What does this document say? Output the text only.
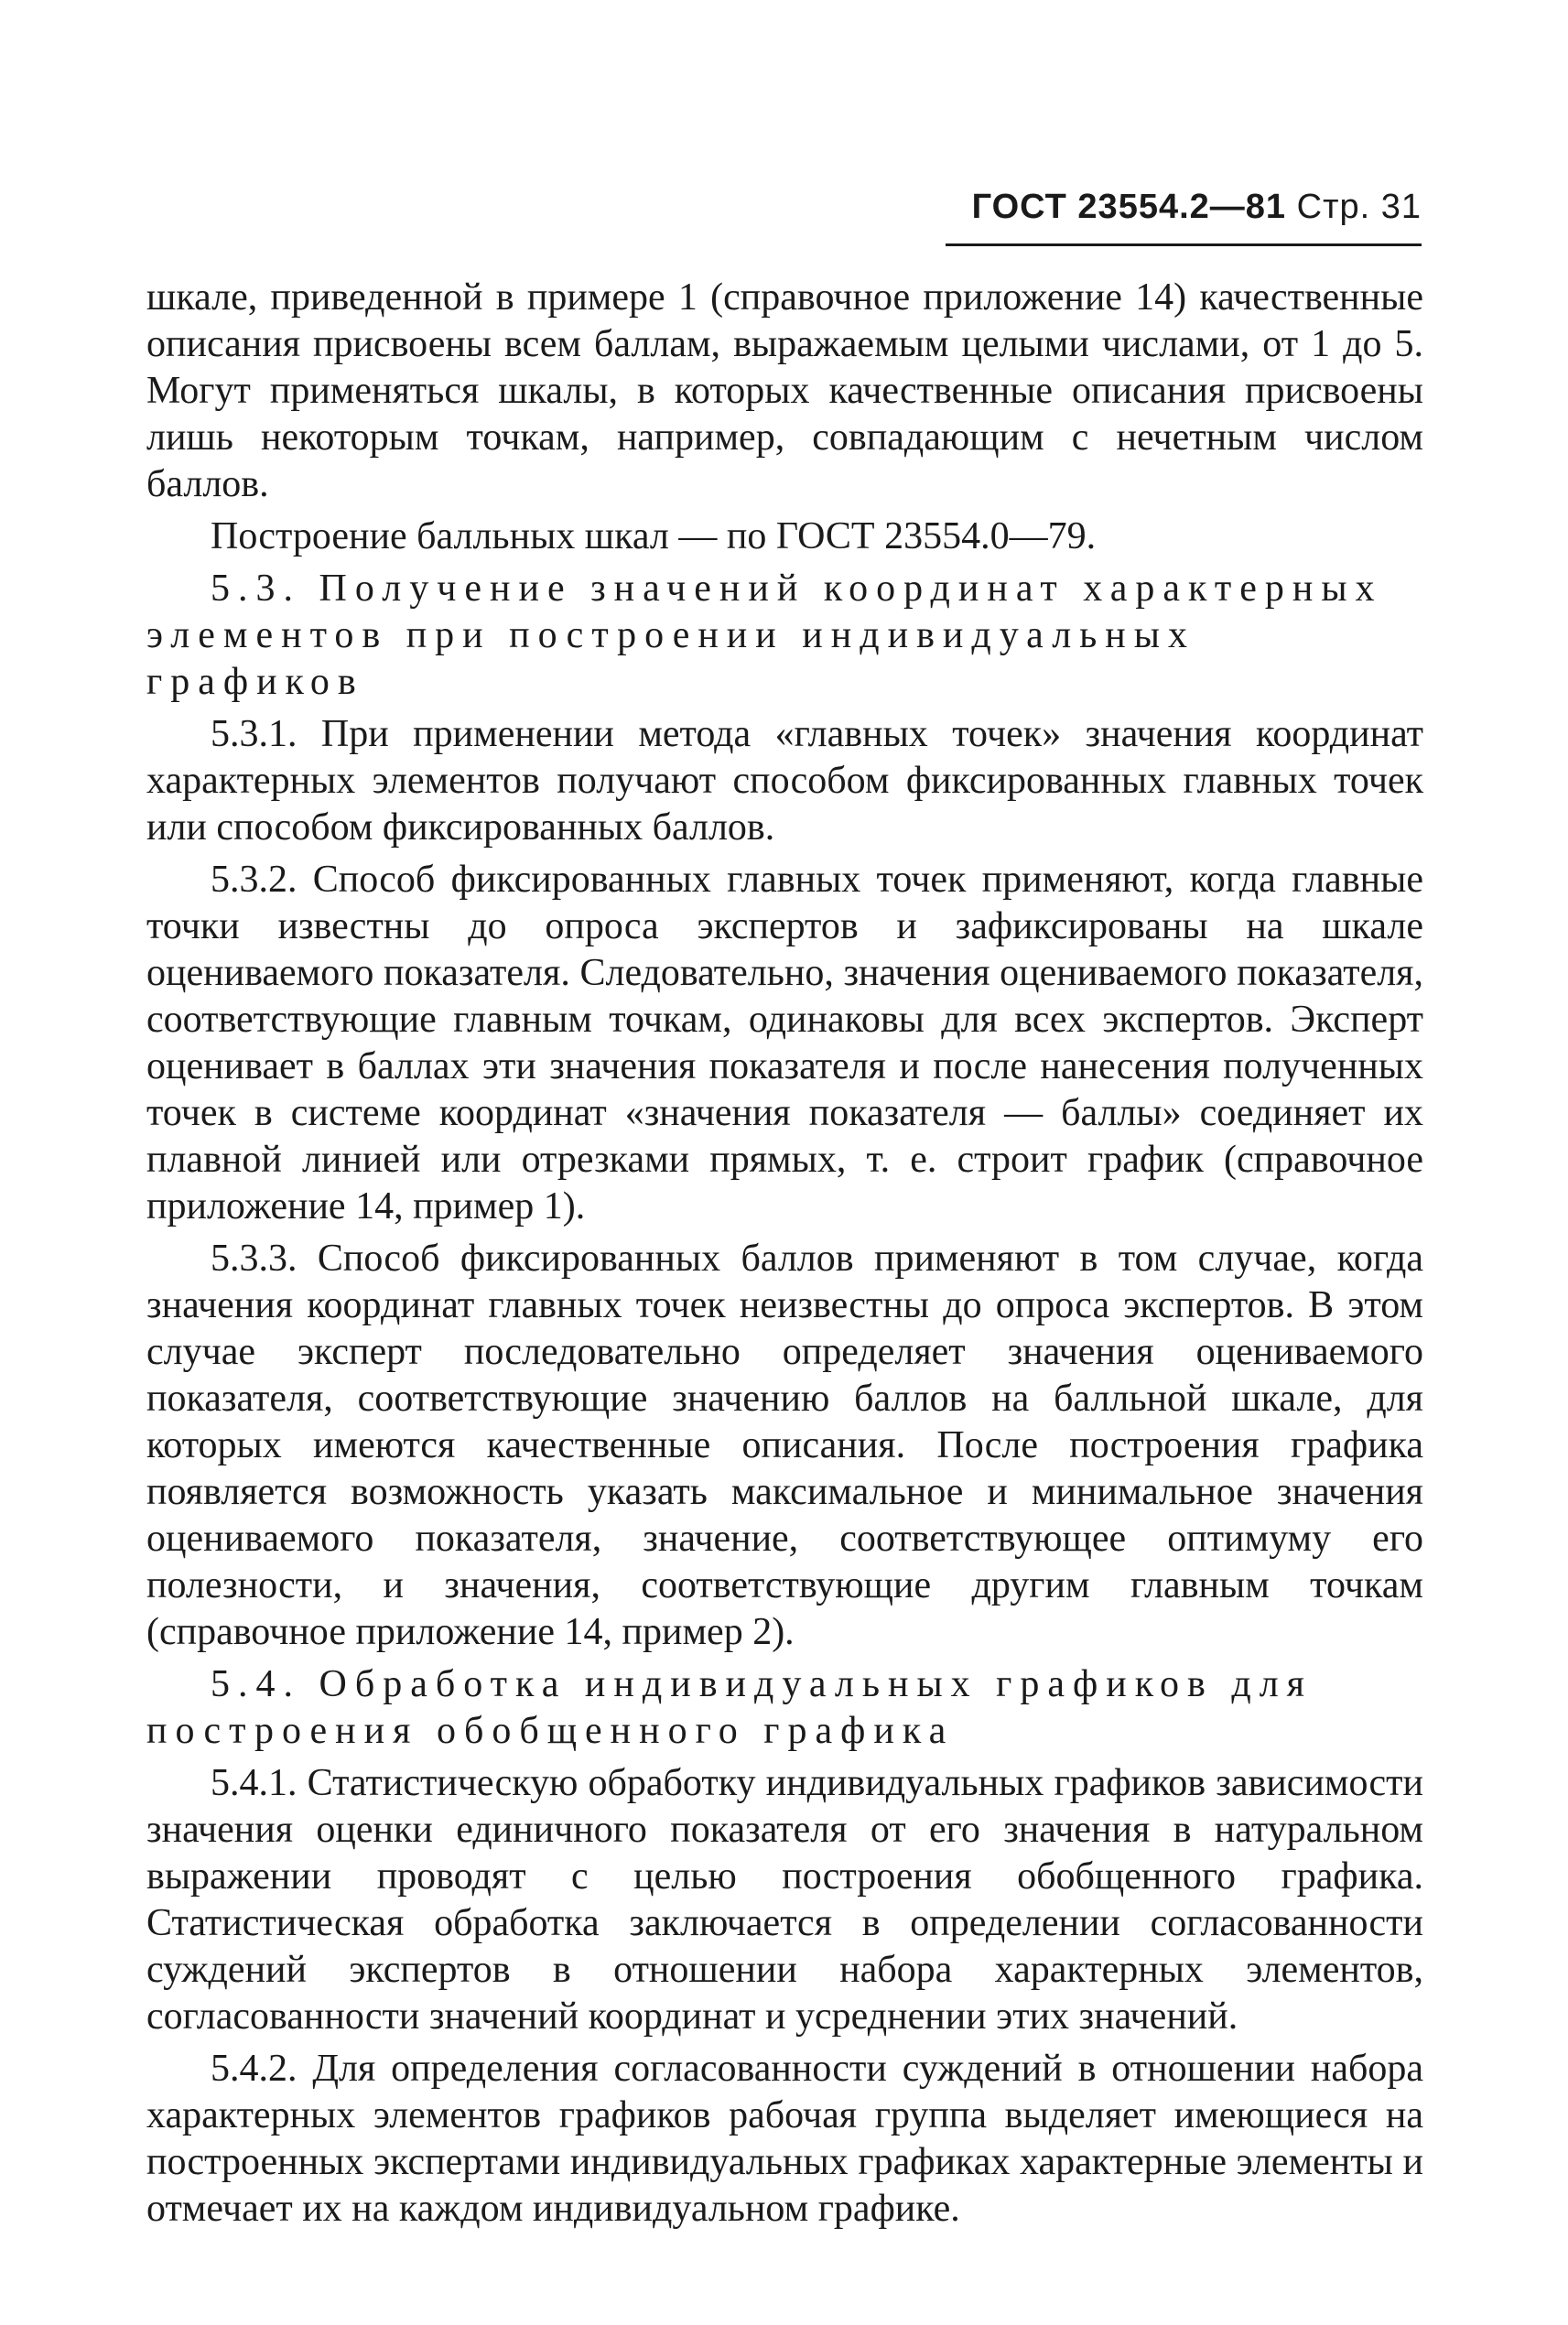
ГОСТ 23554.2—81 Стр. 31

шкале, приведенной в примере 1 (справочное приложение 14) качественные описания присвоены всем баллам, выражаемым целыми числами, от 1 до 5. Могут применяться шкалы, в которых качественные описания присвоены лишь некоторым точкам, например, совпадающим с нечетным числом баллов.

Построение балльных шкал — по ГОСТ 23554.0—79.

5.3. Получение значений координат характерных элементов при построении индивидуальных графиков

5.3.1. При применении метода «главных точек» значения координат характерных элементов получают способом фиксированных главных точек или способом фиксированных баллов.

5.3.2. Способ фиксированных главных точек применяют, когда главные точки известны до опроса экспертов и зафиксированы на шкале оцениваемого показателя. Следовательно, значения оцениваемого показателя, соответствующие главным точкам, одинаковы для всех экспертов. Эксперт оценивает в баллах эти значения показателя и после нанесения полученных точек в системе координат «значения показателя — баллы» соединяет их плавной линией или отрезками прямых, т. е. строит график (справочное приложение 14, пример 1).

5.3.3. Способ фиксированных баллов применяют в том случае, когда значения координат главных точек неизвестны до опроса экспертов. В этом случае эксперт последовательно определяет значения оцениваемого показателя, соответствующие значению баллов на балльной шкале, для которых имеются качественные описания. После построения графика появляется возможность указать максимальное и минимальное значения оцениваемого показателя, значение, соответствующее оптимуму его полезности, и значения, соответствующие другим главным точкам (справочное приложение 14, пример 2).

5.4. Обработка индивидуальных графиков для построения обобщенного графика

5.4.1. Статистическую обработку индивидуальных графиков зависимости значения оценки единичного показателя от его значения в натуральном выражении проводят с целью построения обобщенного графика. Статистическая обработка заключается в определении согласованности суждений экспертов в отношении набора характерных элементов, согласованности значений координат и усреднении этих значений.

5.4.2. Для определения согласованности суждений в отношении набора характерных элементов графиков рабочая группа выделяет имеющиеся на построенных экспертами индивидуальных графиках характерные элементы и отмечает их на каждом индивидуальном графике.
